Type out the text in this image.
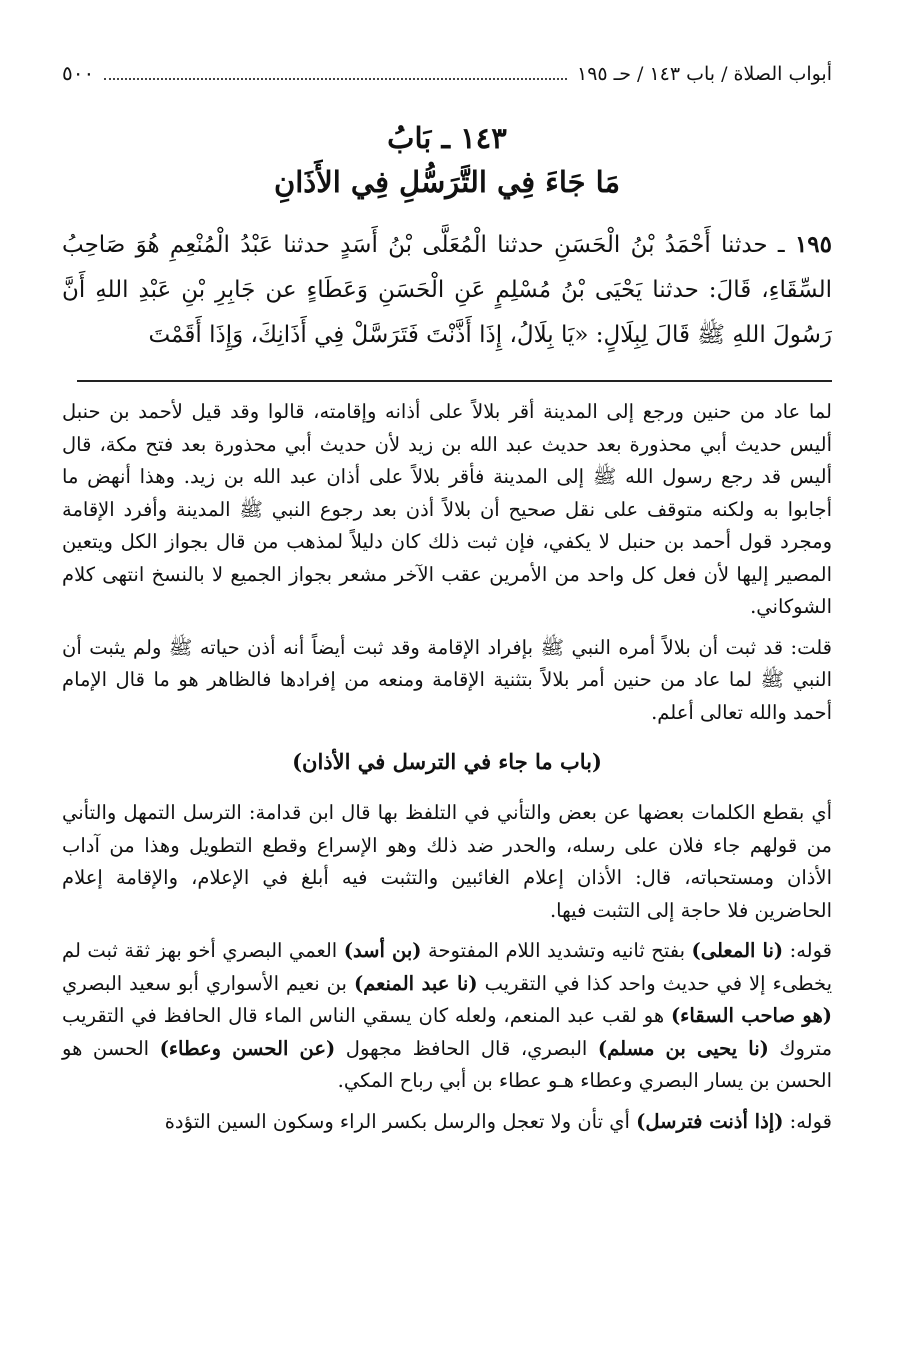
أبواب الصلاة / باب ١٤٣ / حـ ١٩٥
٥٠٠
١٤٣ ـ بَابُ
مَا جَاءَ فِي التَّرَسُّلِ فِي الأَذَانِ
١٩٥ ـ حدثنا أَحْمَدُ بْنُ الْحَسَنِ حدثنا الْمُعَلَّى بْنُ أَسَدٍ حدثنا عَبْدُ الْمُنْعِمِ هُوَ صَاحِبُ السِّقَاءِ، قَالَ: حدثنا يَحْيَى بْنُ مُسْلِمٍ عَنِ الْحَسَنِ وَعَطَاءٍ عن جَابِرِ بْنِ عَبْدِ اللهِ أَنَّ رَسُولَ اللهِ ﷺ قَالَ لِبِلَالٍ: «يَا بِلَالُ، إِذَا أَذَّنْتَ فَتَرَسَّلْ فِي أَذَانِكَ، وَإِذَا أَقَمْتَ

لما عاد من حنين ورجع إلى المدينة أقر بلالاً على أذانه وإقامته، قالوا وقد قيل لأحمد بن حنبل أليس حديث أبي محذورة بعد حديث عبد الله بن زيد لأن حديث أبي محذورة بعد فتح مكة، قال أليس قد رجع رسول الله ﷺ إلى المدينة فأقر بلالاً على أذان عبد الله بن زيد. وهذا أنهض ما أجابوا به ولكنه متوقف على نقل صحيح أن بلالاً أذن بعد رجوع النبي ﷺ المدينة وأفرد الإقامة ومجرد قول أحمد بن حنبل لا يكفي، فإن ثبت ذلك كان دليلاً لمذهب من قال بجواز الكل ويتعين المصير إليها لأن فعل كل واحد من الأمرين عقب الآخر مشعر بجواز الجميع لا بالنسخ انتهى كلام الشوكاني.

قلت: قد ثبت أن بلالاً أمره النبي ﷺ بإفراد الإقامة وقد ثبت أيضاً أنه أذن حياته ﷺ ولم يثبت أن النبي ﷺ لما عاد من حنين أمر بلالاً بتثنية الإقامة ومنعه من إفرادها فالظاهر هو ما قال الإمام أحمد والله تعالى أعلم.

(باب ما جاء في الترسل في الأذان)

أي بقطع الكلمات بعضها عن بعض والتأني في التلفظ بها قال ابن قدامة: الترسل التمهل والتأني من قولهم جاء فلان على رسله، والحدر ضد ذلك وهو الإسراع وقطع التطويل وهذا من آداب الأذان ومستحباته، قال: الأذان إعلام الغائبين والتثبت فيه أبلغ في الإعلام، والإقامة إعلام الحاضرين فلا حاجة إلى التثبت فيها.

قوله: (نا المعلى) بفتح ثانيه وتشديد اللام المفتوحة (بن أسد) العمي البصري أخو بهز ثقة ثبت لم يخطىء إلا في حديث واحد كذا في التقريب (نا عبد المنعم) بن نعيم الأسواري أبو سعيد البصري (هو صاحب السقاء) هو لقب عبد المنعم، ولعله كان يسقي الناس الماء قال الحافظ في التقريب متروك (نا يحيى بن مسلم) البصري، قال الحافظ مجهول (عن الحسن وعطاء) الحسن هو الحسن بن يسار البصري وعطاء هـو عطاء بن أبي رباح المكي.

قوله: (إذا أذنت فترسل) أي تأن ولا تعجل والرسل بكسر الراء وسكون السين التؤدة
